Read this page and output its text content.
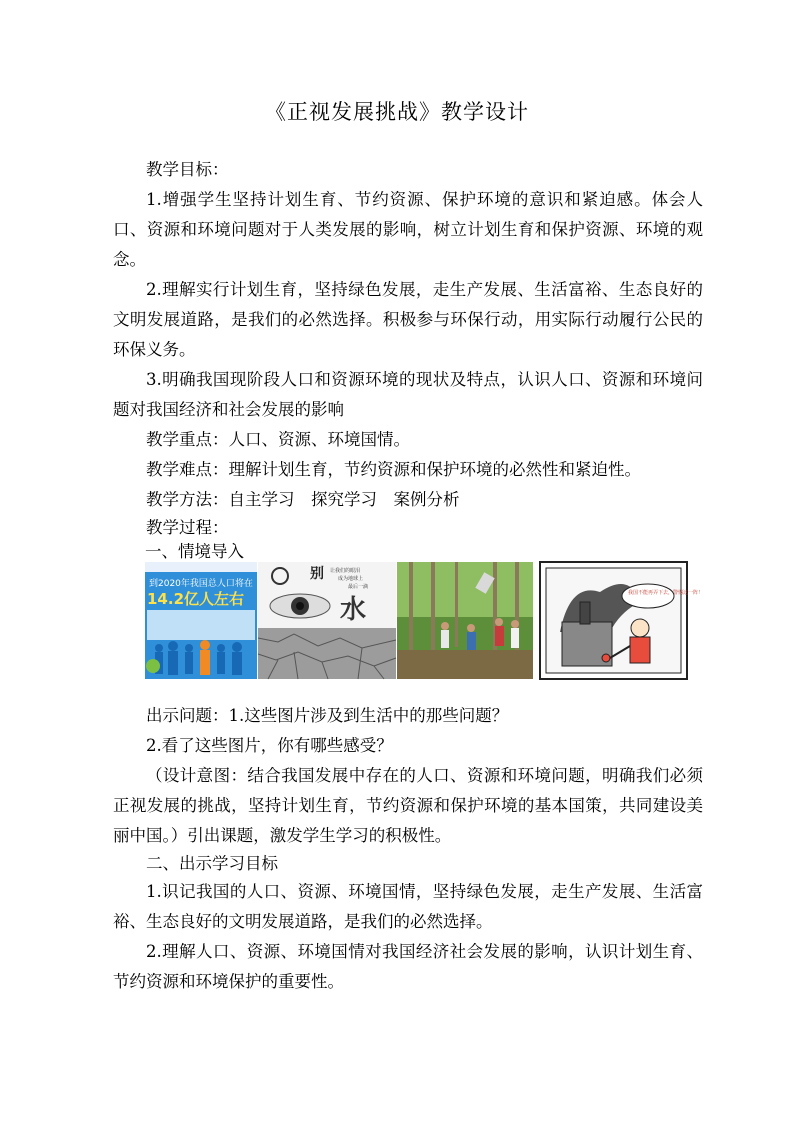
《正视发展挑战》教学设计

教学目标：

1.增强学生坚持计划生育、节约资源、保护环境的意识和紧迫感。体会人口、资源和环境问题对于人类发展的影响，树立计划生育和保护资源、环境的观念。

2.理解实行计划生育，坚持绿色发展，走生产发展、生活富裕、生态良好的文明发展道路，是我们的必然选择。积极参与环保行动，用实际行动履行公民的环保义务。

3.明确我国现阶段人口和资源环境的现状及特点，认识人口、资源和环境问题对我国经济和社会发展的影响

教学重点：人口、资源、环境国情。

教学难点：理解计划生育，节约资源和保护环境的必然性和紧迫性。

教学方法：自主学习　探究学习　案例分析

教学过程：

一、情境导入

到2020年我国总人口将在
14.2亿人左右
别 让我们的眼泪
成为地球上
最后一滴
水
我国不能再弄下去，警惕这一阵！

出示问题：1.这些图片涉及到生活中的那些问题？

2.看了这些图片，你有哪些感受？

（设计意图：结合我国发展中存在的人口、资源和环境问题，明确我们必须正视发展的挑战，坚持计划生育，节约资源和保护环境的基本国策，共同建设美丽中国。）引出课题，激发学生学习的积极性。

二、出示学习目标

1.识记我国的人口、资源、环境国情，坚持绿色发展，走生产发展、生活富裕、生态良好的文明发展道路，是我们的必然选择。

2.理解人口、资源、环境国情对我国经济社会发展的影响，认识计划生育、节约资源和环境保护的重要性。
